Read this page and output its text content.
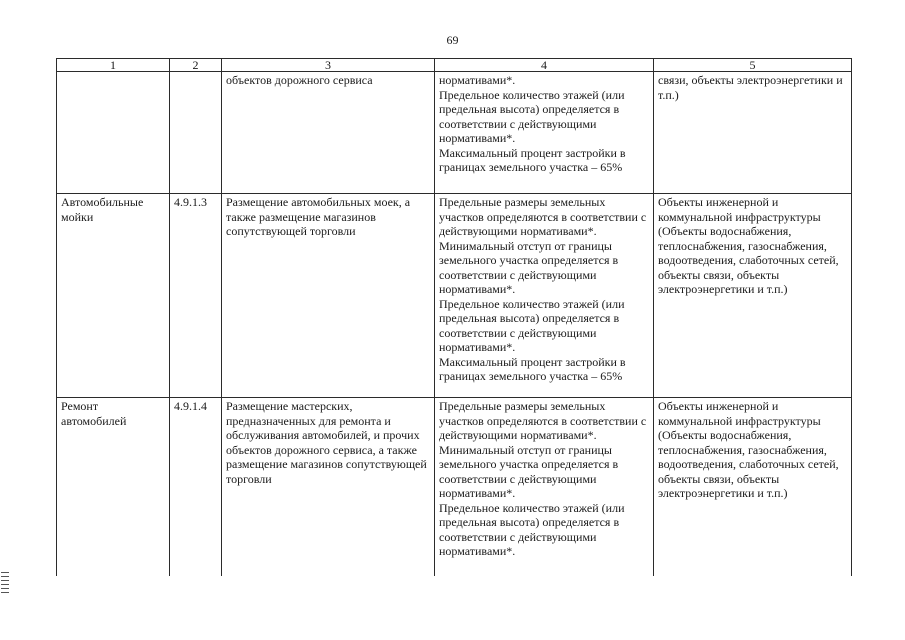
69
1	2	3	4	5
		объектов дорожного сервиса	нормативами*.
Предельное количество этажей (или предельная высота) определяется в соответствии с действующими нормативами*.
Максимальный процент застройки в границах земельного участка – 65%	связи, объекты электроэнергетики и т.п.)
Автомобильные мойки	4.9.1.3	Размещение автомобильных моек, а также размещение магазинов сопутствующей торговли	Предельные размеры земельных участков определяются в соответствии с действующими нормативами*.
Минимальный отступ от границы земельного участка определяется в соответствии с действующими нормативами*.
Предельное количество этажей (или предельная высота) определяется в соответствии с действующими нормативами*.
Максимальный процент застройки в границах земельного участка – 65%	Объекты инженерной и коммунальной инфраструктуры (Объекты водоснабжения, теплоснабжения, газоснабжения, водоотведения, слаботочных сетей, объекты связи, объекты электроэнергетики и т.п.)
Ремонт автомобилей	4.9.1.4	Размещение мастерских, предназначенных для ремонта и обслуживания автомобилей, и прочих объектов дорожного сервиса, а также размещение магазинов сопутствующей торговли	Предельные размеры земельных участков определяются в соответствии с действующими нормативами*.
Минимальный отступ от границы земельного участка определяется в соответствии с действующими нормативами*.
Предельное количество этажей (или предельная высота) определяется в соответствии с действующими нормативами*.	Объекты инженерной и коммунальной инфраструктуры (Объекты водоснабжения, теплоснабжения, газоснабжения, водоотведения, слаботочных сетей, объекты связи, объекты электроэнергетики и т.п.)
